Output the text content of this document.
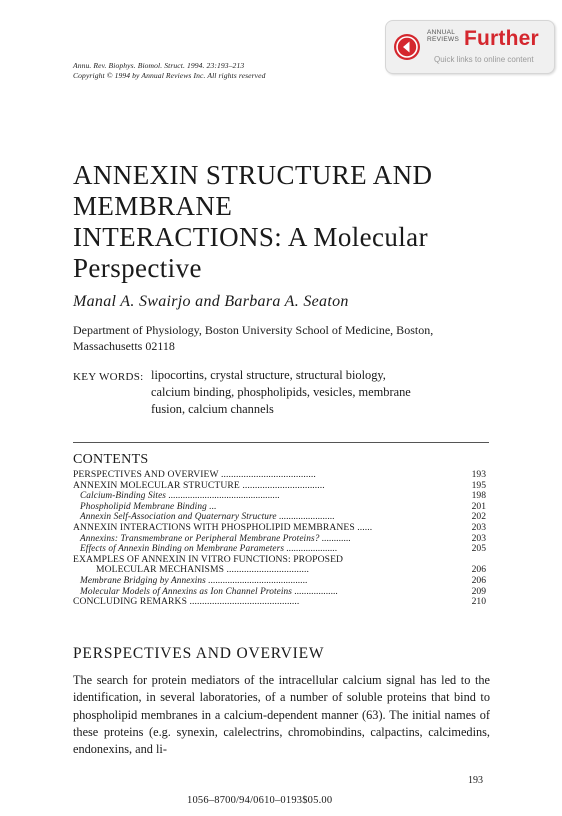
Annu. Rev. Biophys. Biomol. Struct. 1994. 23:193–213
Copyright © 1994 by Annual Reviews Inc. All rights reserved
ANNUAL
REVIEWS Further
Quick links to online content
ANNEXIN STRUCTURE AND
MEMBRANE
INTERACTIONS: A Molecular
Perspective
Manal A. Swairjo and Barbara A. Seaton
Department of Physiology, Boston University School of Medicine, Boston,
Massachusetts 02118
KEY WORDS: lipocortins, crystal structure, structural biology,
calcium binding, phospholipids, vesicles, membrane
fusion, calcium channels
CONTENTS
PERSPECTIVES AND OVERVIEW ......................................	193
ANNEXIN MOLECULAR STRUCTURE .................................	195
Calcium-Binding Sites ..............................................	198
Phospholipid Membrane Binding ...	201
Annexin Self-Association and Quaternary Structure .......................	202
ANNEXIN INTERACTIONS WITH PHOSPHOLIPID MEMBRANES ......	203
Annexins: Transmembrane or Peripheral Membrane Proteins? ............	203
Effects of Annexin Binding on Membrane Parameters .....................	205
EXAMPLES OF ANNEXIN IN VITRO FUNCTIONS: PROPOSED
MOLECULAR MECHANISMS .................................	206
Membrane Bridging by Annexins .........................................	206
Molecular Models of Annexins as Ion Channel Proteins ..................	209
CONCLUDING REMARKS ............................................	210
PERSPECTIVES AND OVERVIEW
The search for protein mediators of the intracellular calcium signal has led to the identification, in several laboratories, of a number of soluble proteins that bind to phospholipid membranes in a calcium-dependent manner (63). The initial names of these proteins (e.g. synexin, calelectrins, chromobindins, calpactins, calcimedins, endonexins, and li-
193
1056–8700/94/0610–0193$05.00
